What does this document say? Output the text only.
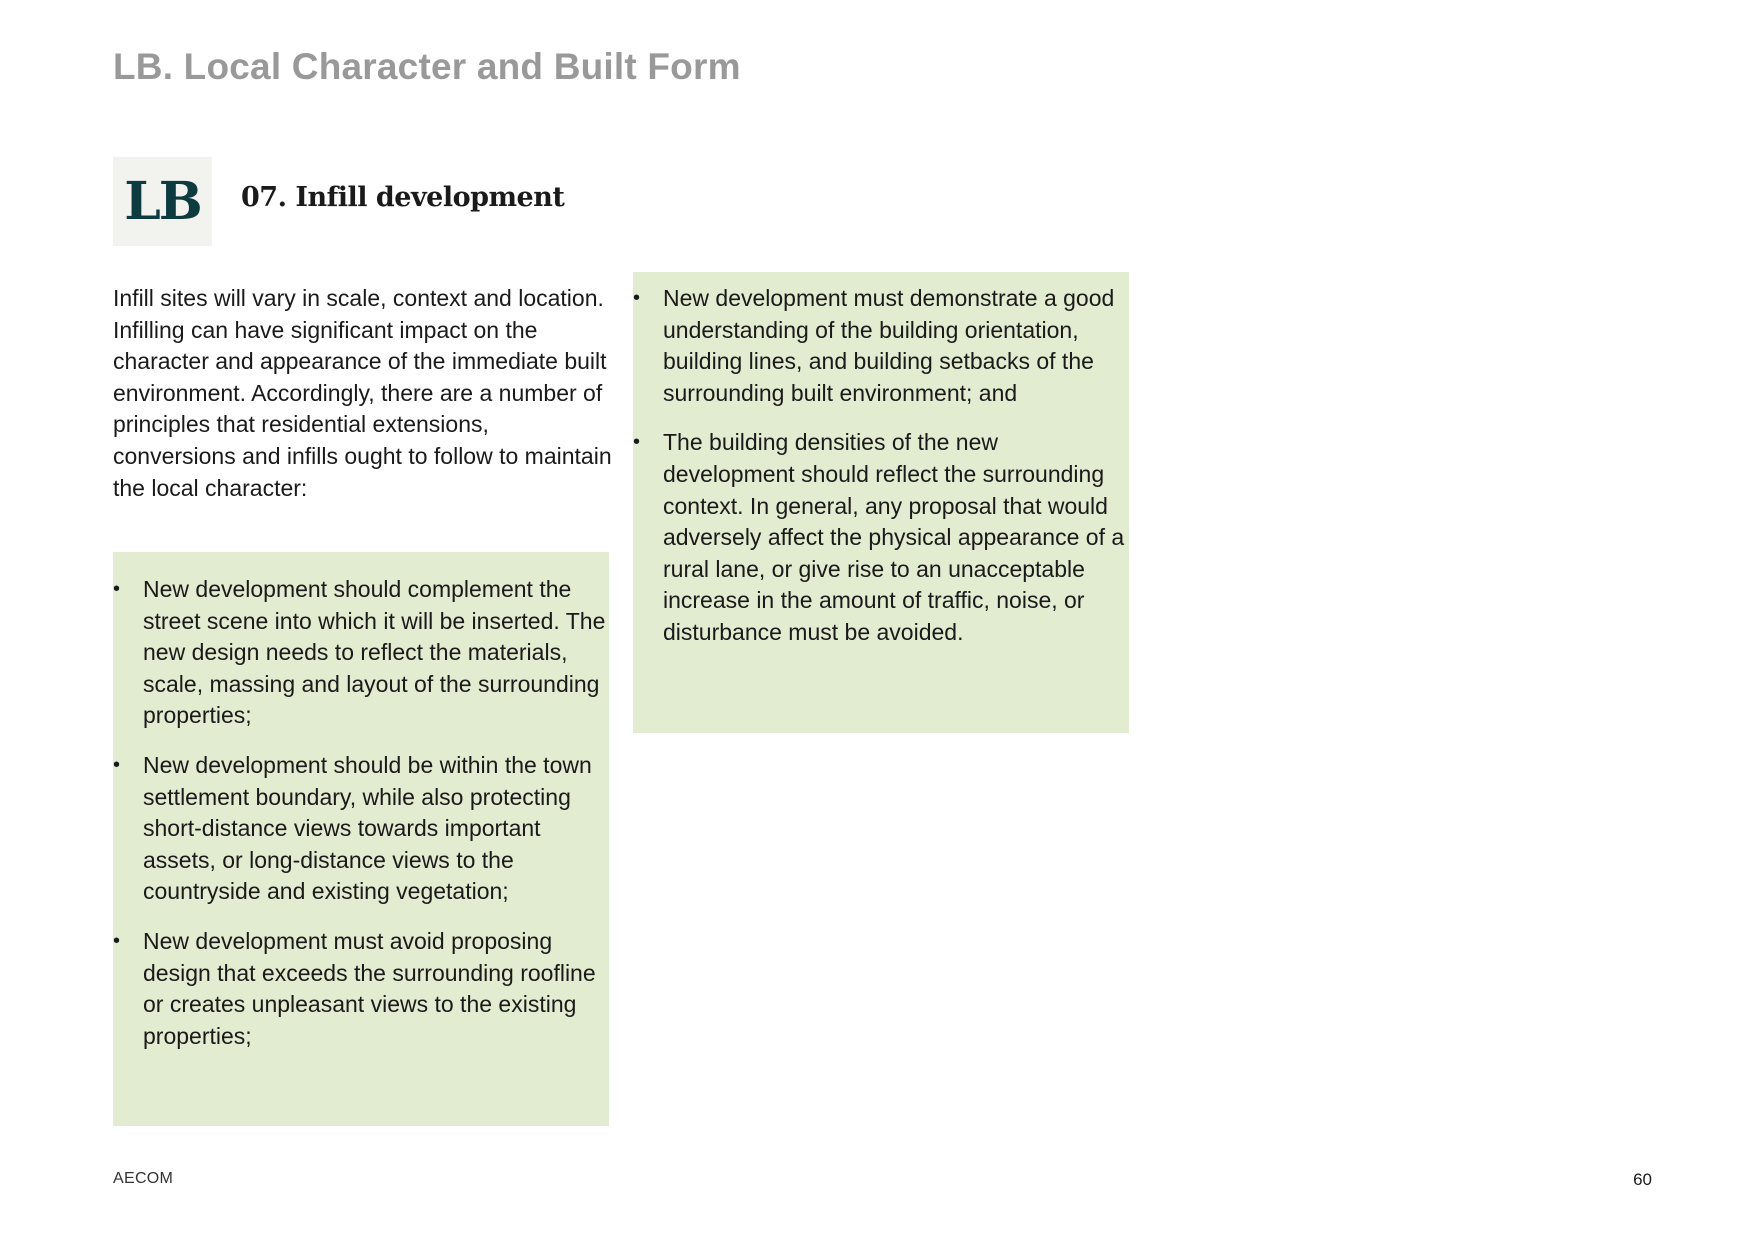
LB. Local Character and Built Form
LB	07. Infill development

Infill sites will vary in scale, context and location. Infilling can have significant impact on the character and appearance of the immediate built environment. Accordingly, there are a number of principles that residential extensions, conversions and infills ought to follow to maintain the local character:

• New development should complement the street scene into which it will be inserted. The new design needs to reflect the materials, scale, massing and layout of the surrounding properties;
• New development should be within the town settlement boundary, while also protecting short-distance views towards important assets, or long-distance views to the countryside and existing vegetation;
• New development must avoid proposing design that exceeds the surrounding roofline or creates unpleasant views to the existing properties;
• New development must demonstrate a good understanding of the building orientation, building lines, and building setbacks of the surrounding built environment; and
• The building densities of the new development should reflect the surrounding context. In general, any proposal that would adversely affect the physical appearance of a rural lane, or give rise to an unacceptable increase in the amount of traffic, noise, or disturbance must be avoided.
AECOM	60
